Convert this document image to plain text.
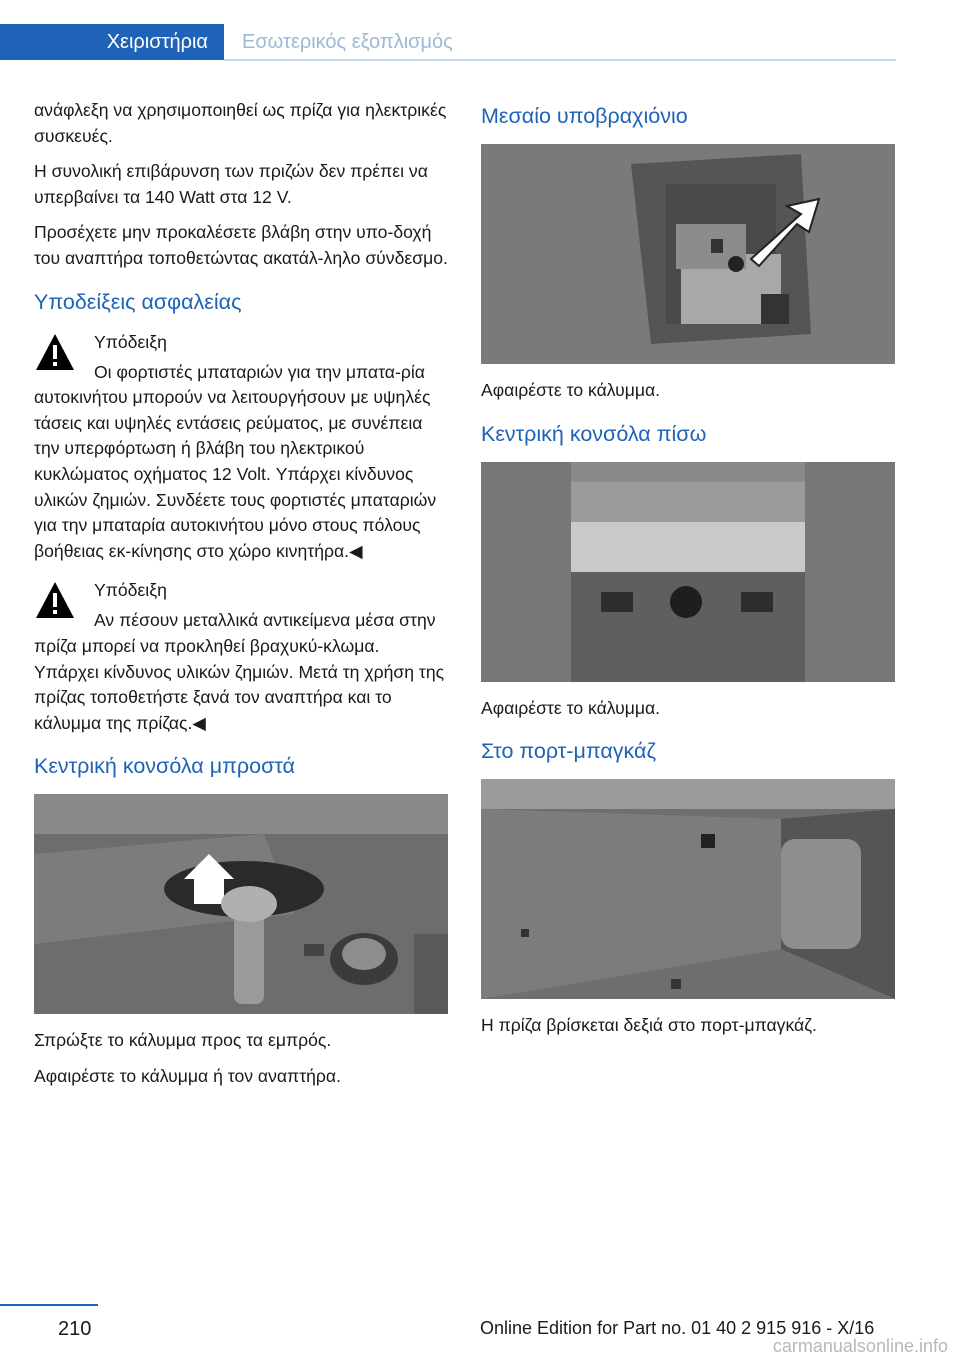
Χειριστήρια	Εσωτερικός εξοπλισμός

ανάφλεξη να χρησιμοποιηθεί ως πρίζα για ηλεκτρικές συσκευές.

Η συνολική επιβάρυνση των πριζών δεν πρέπει να υπερβαίνει τα 140 Watt στα 12 V.

Προσέχετε μην προκαλέσετε βλάβη στην υπο‐δοχή του αναπτήρα τοποθετώντας ακατάλ‐ληλο σύνδεσμο.

Υποδείξεις ασφαλείας
Υπόδειξη

Οι φορτιστές μπαταριών για την μπατα‐ρία αυτοκινήτου μπορούν να λειτουργήσουν με υψηλές τάσεις και υψηλές εντάσεις ρεύματος, με συνέπεια την υπερφόρτωση ή βλάβη του ηλεκτρικού κυκλώματος οχήματος 12 Volt. Υπάρχει κίνδυνος υλικών ζημιών. Συνδέετε τους φορτιστές μπαταριών για την μπαταρία αυτοκινήτου μόνο στους πόλους βοήθειας εκ‐κίνησης στο χώρο κινητήρα.◀

Υπόδειξη

Αν πέσουν μεταλλικά αντικείμενα μέσα στην πρίζα μπορεί να προκληθεί βραχυκύ‐κλωμα. Υπάρχει κίνδυνος υλικών ζημιών. Μετά τη χρήση της πρίζας τοποθετήστε ξανά τον αναπτήρα και το κάλυμμα της πρίζας.◀

Κεντρική κονσόλα μπροστά

Σπρώξτε το κάλυμμα προς τα εμπρός.

Αφαιρέστε το κάλυμμα ή τον αναπτήρα.

Μεσαίο υποβραχιόνιο

Αφαιρέστε το κάλυμμα.

Κεντρική κονσόλα πίσω

Αφαιρέστε το κάλυμμα.

Στο πορτ-μπαγκάζ

Η πρίζα βρίσκεται δεξιά στο πορτ-μπαγκάζ.

210	Online Edition for Part no. 01 40 2 915 916 - X/16
carmanualsonline.info
